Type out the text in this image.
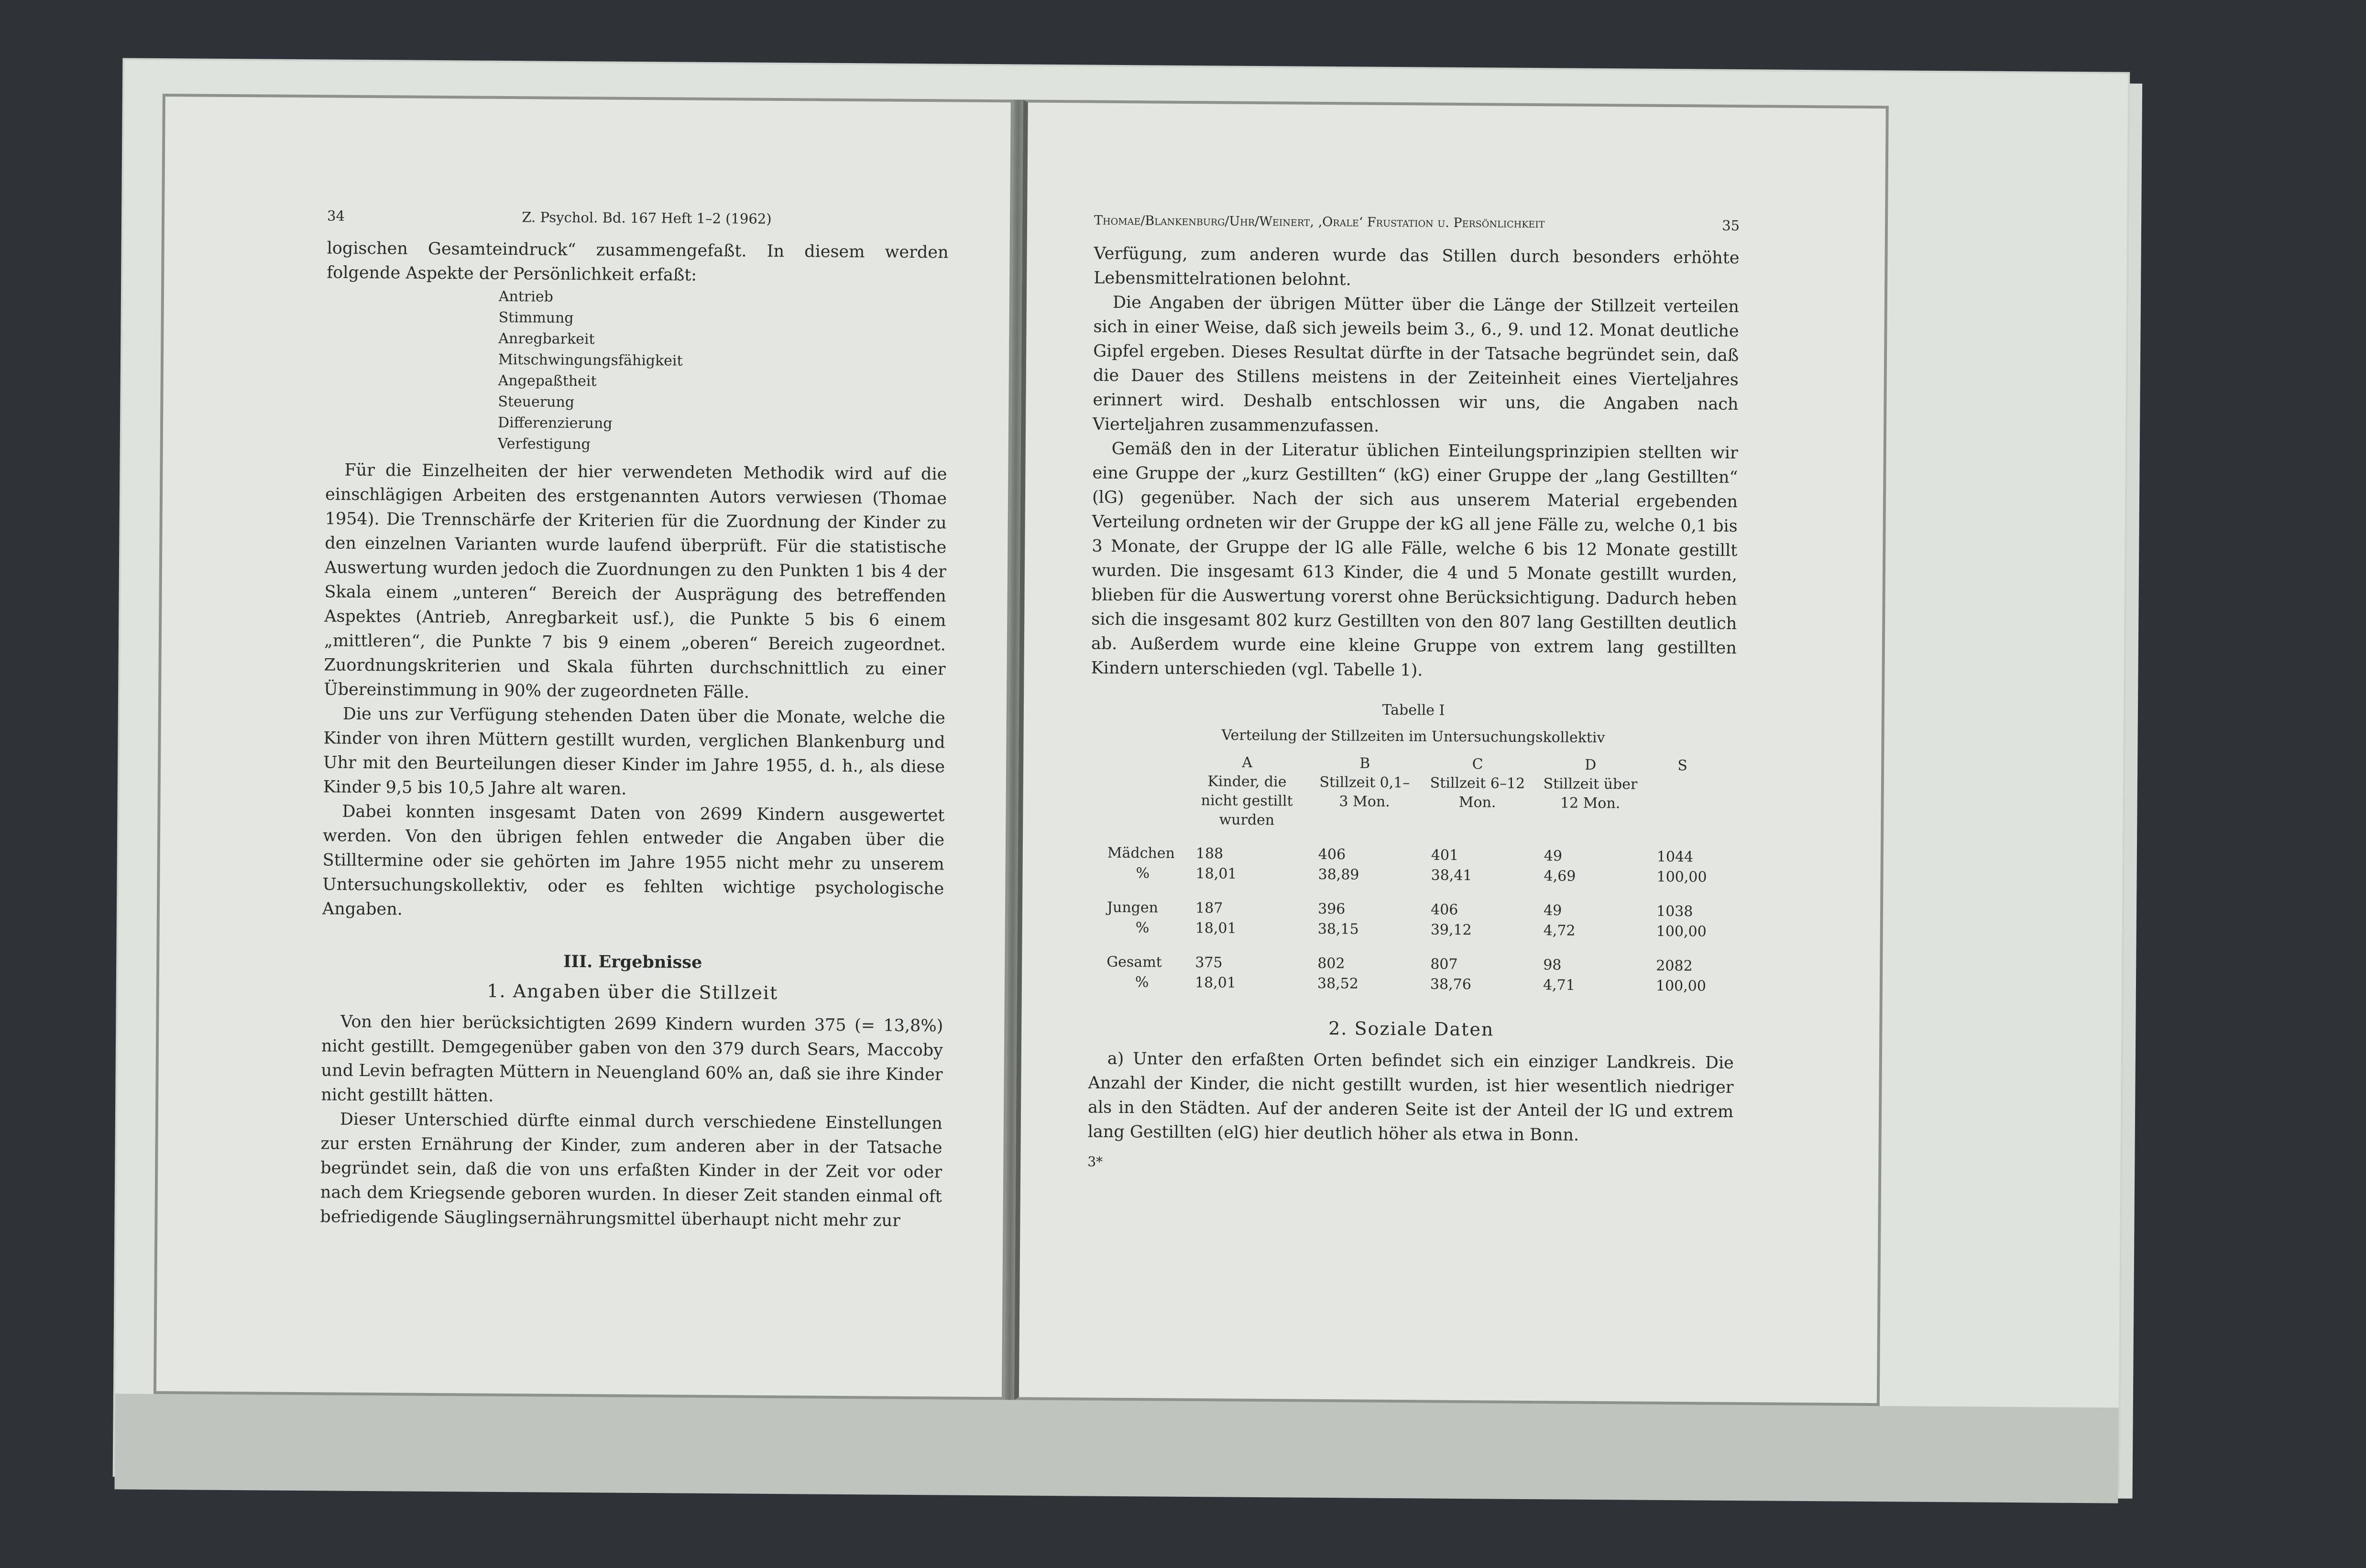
34	Z. Psychol. Bd. 167 Heft 1–2 (1962)

logischen Gesamteindruck“ zusammengefaßt. In diesem werden folgende Aspekte der Persönlichkeit erfaßt:

Antrieb
Stimmung
Anregbarkeit
Mitschwingungsfähigkeit
Angepaßtheit
Steuerung
Differenzierung
Verfestigung

Für die Einzelheiten der hier verwendeten Methodik wird auf die einschlägigen Arbeiten des erstgenannten Autors verwiesen (Thomae 1954). Die Trennschärfe der Kriterien für die Zuordnung der Kinder zu den einzelnen Varianten wurde laufend überprüft. Für die statistische Auswertung wurden jedoch die Zuordnungen zu den Punkten 1 bis 4 der Skala einem „unteren“ Bereich der Ausprägung des betreffenden Aspektes (Antrieb, Anregbarkeit usf.), die Punkte 5 bis 6 einem „mittleren“, die Punkte 7 bis 9 einem „oberen“ Bereich zugeordnet. Zuordnungskriterien und Skala führten durchschnittlich zu einer Übereinstimmung in 90% der zugeordneten Fälle.

Die uns zur Verfügung stehenden Daten über die Monate, welche die Kinder von ihren Müttern gestillt wurden, verglichen Blankenburg und Uhr mit den Beurteilungen dieser Kinder im Jahre 1955, d. h., als diese Kinder 9,5 bis 10,5 Jahre alt waren.

Dabei konnten insgesamt Daten von 2699 Kindern ausgewertet werden. Von den übrigen fehlen entweder die Angaben über die Stilltermine oder sie gehörten im Jahre 1955 nicht mehr zu unserem Untersuchungskollektiv, oder es fehlten wichtige psychologische Angaben.

III. Ergebnisse
1. Angaben über die Stillzeit

Von den hier berücksichtigten 2699 Kindern wurden 375 (= 13,8%) nicht gestillt. Demgegenüber gaben von den 379 durch Sears, Maccoby und Levin befragten Müttern in Neuengland 60% an, daß sie ihre Kinder nicht gestillt hätten.

Dieser Unterschied dürfte einmal durch verschiedene Einstellungen zur ersten Ernährung der Kinder, zum anderen aber in der Tatsache begründet sein, daß die von uns erfaßten Kinder in der Zeit vor oder nach dem Kriegsende geboren wurden. In dieser Zeit standen einmal oft befriedigende Säuglingsernährungsmittel überhaupt nicht mehr zur

Thomae/Blankenburg/Uhr/Weinert, ‚Orale‘ Frustation u. Persönlichkeit	35

Verfügung, zum anderen wurde das Stillen durch besonders erhöhte Lebensmittelrationen belohnt.

Die Angaben der übrigen Mütter über die Länge der Stillzeit verteilen sich in einer Weise, daß sich jeweils beim 3., 6., 9. und 12. Monat deutliche Gipfel ergeben. Dieses Resultat dürfte in der Tatsache begründet sein, daß die Dauer des Stillens meistens in der Zeiteinheit eines Vierteljahres erinnert wird. Deshalb entschlossen wir uns, die Angaben nach Vierteljahren zusammenzufassen.

Gemäß den in der Literatur üblichen Einteilungsprinzipien stellten wir eine Gruppe der „kurz Gestillten“ (kG) einer Gruppe der „lang Gestillten“ (lG) gegenüber. Nach der sich aus unserem Material ergebenden Verteilung ordneten wir der Gruppe der kG all jene Fälle zu, welche 0,1 bis 3 Monate, der Gruppe der lG alle Fälle, welche 6 bis 12 Monate gestillt wurden. Die insgesamt 613 Kinder, die 4 und 5 Monate gestillt wurden, blieben für die Auswertung vorerst ohne Berücksichtigung. Dadurch heben sich die insgesamt 802 kurz Gestillten von den 807 lang Gestillten deutlich ab. Außerdem wurde eine kleine Gruppe von extrem lang gestillten Kindern unterschieden (vgl. Tabelle 1).

Tabelle I
Verteilung der Stillzeiten im Untersuchungskollektiv
	A	B	C	D	S
	Kinder, die nicht gestillt wurden	Stillzeit 0,1–3 Mon.	Stillzeit 6–12 Mon.	Stillzeit über 12 Mon.	
Mädchen	188	406	401	49	1044
%	18,01	38,89	38,41	4,69	100,00
Jungen	187	396	406	49	1038
%	18,01	38,15	39,12	4,72	100,00
Gesamt	375	802	807	98	2082
%	18,01	38,52	38,76	4,71	100,00
2. Soziale Daten

a) Unter den erfaßten Orten befindet sich ein einziger Landkreis. Die Anzahl der Kinder, die nicht gestillt wurden, ist hier wesentlich niedriger als in den Städten. Auf der anderen Seite ist der Anteil der lG und extrem lang Gestillten (elG) hier deutlich höher als etwa in Bonn.

3*
